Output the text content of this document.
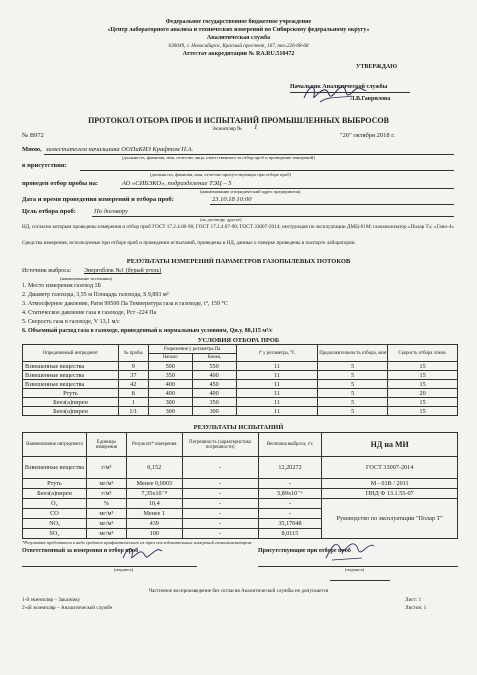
Федеральное государственное бюджетное учреждение
«Центр лабораторного анализа и технических измерений по Сибирскому федеральному округу»
Аналитическая служба
630049, г. Новосибирск, Красный проспект, 167, тел.226-08-68
Аттестат аккредитации № RA.RU.510472
УТВЕРЖДАЮ
Начальник Аналитической службы
Л.В.Гаврилова
ПРОТОКОЛ ОТБОРА ПРОБ И ИСПЫТАНИЙ ПРОМЫШЛЕННЫХ ВЫБРОСОВ
Экземпляр № 1
№ В972	"26" октября 2018 г.
Мною, заместителем начальника ООПиКИЗ Крафтом П.А.
(должность, фамилия, имя, отчество лица, ответственного за отбор проб и проведение измерений)
в присутствии:
(должность, фамилия, имя, отчество присутствующих при отборе проб)
проведен отбор пробы на:	АО «СИБЭКО», подразделение ТЭЦ – 5
(наименование и юридический адрес предприятия)
Дата и время проведения измерений и отбора проб:	23.10.18 10:00
Цель отбора проб:	По договору
(по договору, другое)
НД, согласно которым проведены измерения и отбор проб ГОСТ 17.2.4.06-90; ГОСТ 17.2.4.07-90; ГОСТ 33007-2014; инструкция по эксплуатации ДМЦ-01М; газоанализатор «Полар Т»; «Гано-4»
Средства измерения, используемые при отборе проб и проведении испытаний, приведены в НД, данные о поверке приведены в паспорте лаборатории.
РЕЗУЛЬТАТЫ ИЗМЕРЕНИЙ ПАРАМЕТРОВ ГАЗОПЫЛЕВЫХ ПОТОКОВ
Источник выброса: Энергоблок №1 (бурый уголь)
(наименование источника)
1. Место измерения газоход 1Б
2. Диаметр газохода, 3,55 м Площадь газохода, S 9,893 м²
3. Атмосферное давление, Pатм 99500 Па Температура газа в газоходе, t°, 159 °C
4. Статическое давление газа в газоходе, Pст -224 Па
5. Скорость газа в газоходе, V 13,1 м/с
6. Объемный расход газа в газоходе, приведенный к нормальным условиям, Qн.у. 80,115 м³/с
УСЛОВИЯ ОТБОРА ПРОБ
Определяемый ингредиент	№ пробы	Разрежение у ротаметра Па		t° у ротаметра, °C	Продолжительность отбора, мин	Скорость отбора л/мин.
		Начало	Конец			
Взвешенные вещества	9	500	550	11	5	15
Взвешенные вещества	37	350	400	11	5	15
Взвешенные вещества	42	400	450	11	5	15
Ртуть	8	400	400	11	5	20
Бенз(а)пирен	1	300	350	11	5	15
Бенз(а)пирен	1/1	300	300	11	5	15
РЕЗУЛЬТАТЫ ИСПЫТАНИЙ
Наименование ингредиента	Единицы измерения	Результат* измерения	Погрешность (характеристика погрешности)	Величина выброса, г/с	НД на МИ
Взвешенные вещества	г/м³	0,152	-	12,20272	ГОСТ 33007-2014
Ртуть	мг/м³	Менее 0,0003	-	-	М - 01В / 2011
Бенз(а)пирен	г/м³	7,35х10⁻⁸	-	5,89х10⁻⁶	ПНД Ф 13.1.55-07
O₂	%	10,4	-	-	Руководство по эксплуатации "Полар Т"
CO	мг/м³	Менее 1	-	-	
NOₓ	мг/м³	439	-	35,17048	
SO₂	мг/м³	100	-	8,0115	
*Результат представлен в виде среднего арифметического из трех последовательных измерений газоанализатором
Ответственный за измерения и отбор проб
(подпись)
Присутствующие при отборе проб
(подпись)
Частичное воспроизведение без согласия Аналитической службы не допускается
1-й экземпляр – Заказчику
2-ой экземпляр – Аналитической службе
Лист: 1
Листов: 1
